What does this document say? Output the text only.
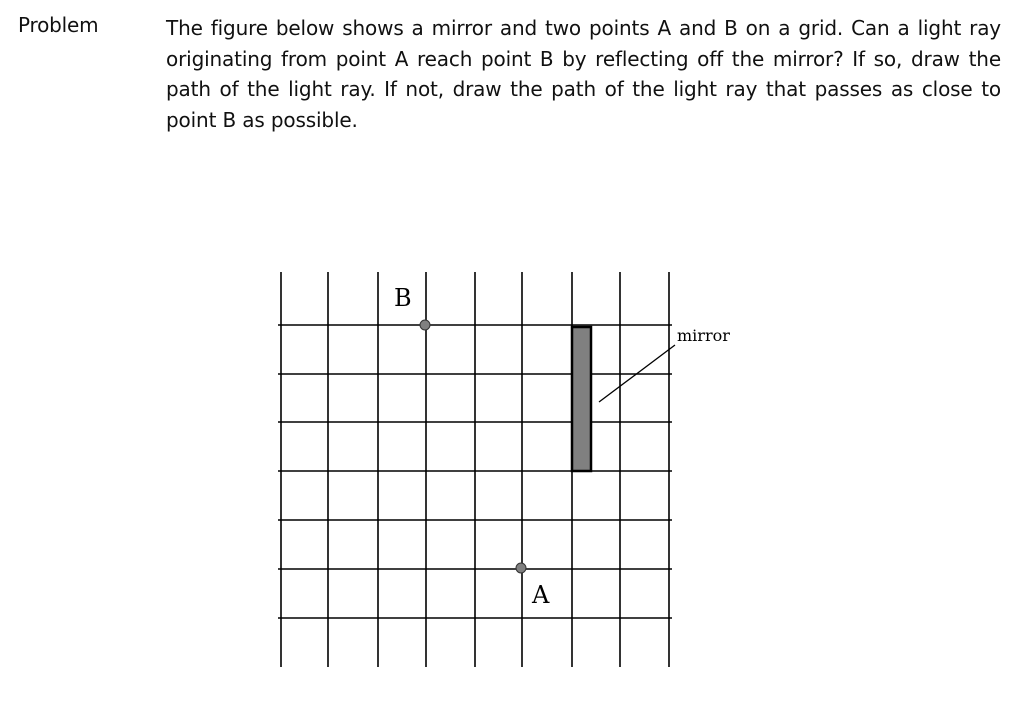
Problem	The figure below shows a mirror and two points A and B on a grid. Can a light ray originating from point A reach point B by reflecting off the mirror? If so, draw the path of the light ray. If not, draw the path of the light ray that passes as close to point B as possible.
B
A
mirror
